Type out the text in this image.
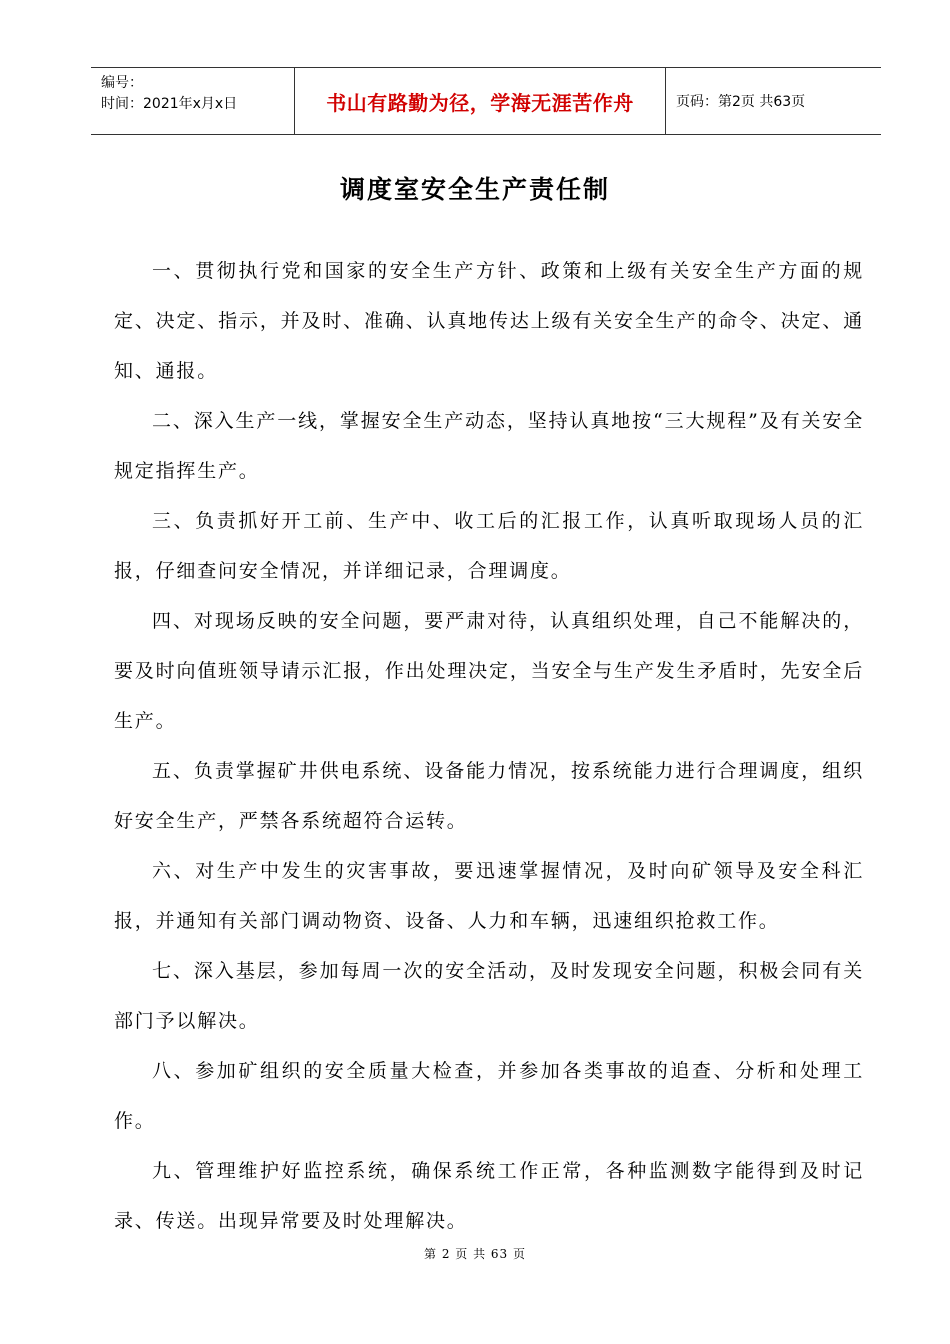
编号：
时间：2021年x月x日	书山有路勤为径，学海无涯苦作舟	页码：第2页 共63页
调度室安全生产责任制

一、贯彻执行党和国家的安全生产方针、政策和上级有关安全生产方面的规定、决定、指示，并及时、准确、认真地传达上级有关安全生产的命令、决定、通知、通报。

二、深入生产一线，掌握安全生产动态，坚持认真地按“三大规程”及有关安全规定指挥生产。

三、负责抓好开工前、生产中、收工后的汇报工作，认真听取现场人员的汇报，仔细查问安全情况，并详细记录，合理调度。

四、对现场反映的安全问题，要严肃对待，认真组织处理，自己不能解决的，要及时向值班领导请示汇报，作出处理决定，当安全与生产发生矛盾时，先安全后生产。

五、负责掌握矿井供电系统、设备能力情况，按系统能力进行合理调度，组织好安全生产，严禁各系统超符合运转。

六、对生产中发生的灾害事故，要迅速掌握情况，及时向矿领导及安全科汇报，并通知有关部门调动物资、设备、人力和车辆，迅速组织抢救工作。

七、深入基层，参加每周一次的安全活动，及时发现安全问题，积极会同有关部门予以解决。

八、参加矿组织的安全质量大检查，并参加各类事故的追查、分析和处理工作。

九、管理维护好监控系统，确保系统工作正常，各种监测数字能得到及时记录、传送。出现异常要及时处理解决。

第 2 页 共 63 页
